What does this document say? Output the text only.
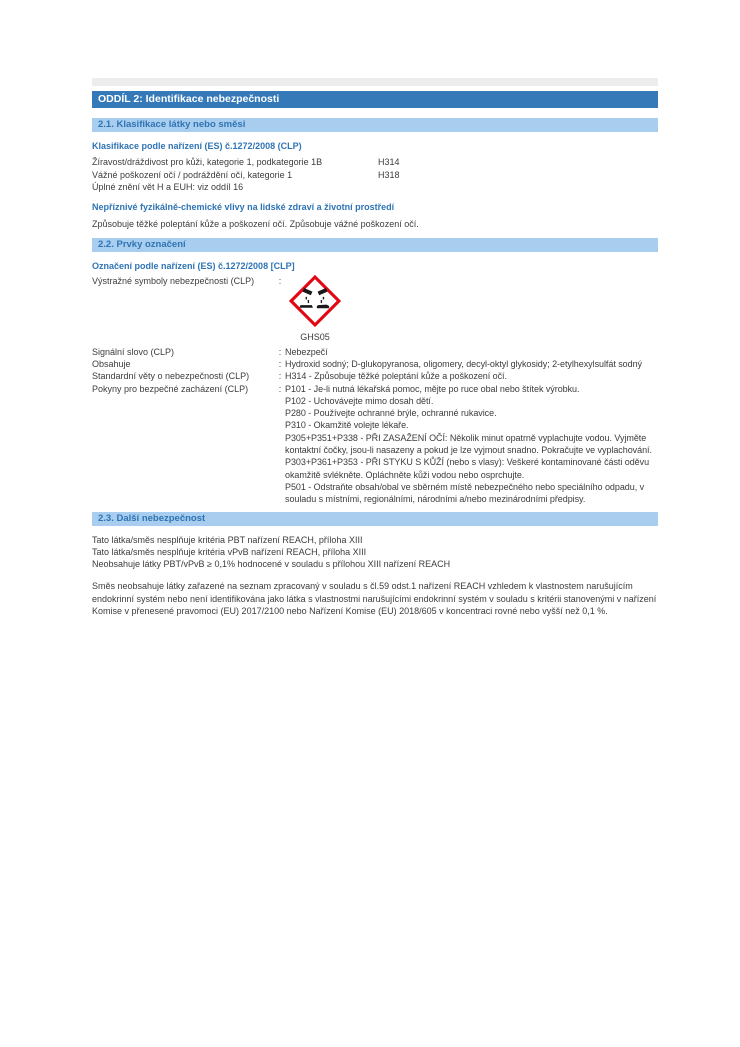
ODDÍL 2: Identifikace nebezpečnosti
2.1. Klasifikace látky nebo směsi
Klasifikace podle nařízení (ES) č.1272/2008 (CLP)
Žíravost/dráždivost pro kůži, kategorie 1, podkategorie 1B	H314
Vážné poškození očí / podráždění očí, kategorie 1	H318
Úplné znění vět H a EUH: viz oddíl 16
Nepříznivé fyzikálně-chemické vlivy na lidské zdraví a životní prostředí
Způsobuje těžké poleptání kůže a poškození očí. Způsobuje vážné poškození očí.
2.2. Prvky označení
Označení podle nařízení (ES) č.1272/2008 [CLP]
Výstražné symboly nebezpečnosti (CLP)	:
GHS05
Signální slovo (CLP)	: Nebezpečí
Obsahuje	: Hydroxid sodný; D-glukopyranosa, oligomery, decyl-oktyl glykosidy; 2-etylhexylsulfát sodný
Standardní věty o nebezpečnosti (CLP)	: H314 - Způsobuje těžké poleptání kůže a poškození očí.
Pokyny pro bezpečné zacházení (CLP)	: P101 - Je-li nutná lékařská pomoc, mějte po ruce obal nebo štítek výrobku.
P102 - Uchovávejte mimo dosah dětí.
P280 - Používejte ochranné brýle, ochranné rukavice.
P310 - Okamžitě volejte lékaře.
P305+P351+P338 - PŘI ZASAŽENÍ OČÍ: Několik minut opatrně vyplachujte vodou. Vyjměte kontaktní čočky, jsou-li nasazeny a pokud je lze vyjmout snadno. Pokračujte ve vyplachování.
P303+P361+P353 - PŘI STYKU S KŮŽÍ (nebo s vlasy): Veškeré kontaminované části oděvu okamžitě svlékněte. Opláchněte kůži vodou nebo osprchujte.
P501 - Odstraňte obsah/obal ve sběrném místě nebezpečného nebo speciálního odpadu, v souladu s místními, regionálními, národními a/nebo mezinárodními předpisy.
2.3. Další nebezpečnost
Tato látka/směs nesplňuje kritéria PBT nařízení REACH, příloha XIII
Tato látka/směs nesplňuje kritéria vPvB nařízení REACH, příloha XIII
Neobsahuje látky PBT/vPvB ≥ 0,1% hodnocené v souladu s přílohou XIII nařízení REACH
Směs neobsahuje látky zařazené na seznam zpracovaný v souladu s čl.59 odst.1 nařízení REACH vzhledem k vlastnostem narušujícím endokrinní systém nebo není identifikována jako látka s vlastnostmi narušujícími endokrinní systém v souladu s kritérii stanovenými v nařízení Komise v přenesené pravomoci (EU) 2017/2100 nebo Nařízení Komise (EU) 2018/605 v koncentraci rovné nebo vyšší než 0,1 %.
